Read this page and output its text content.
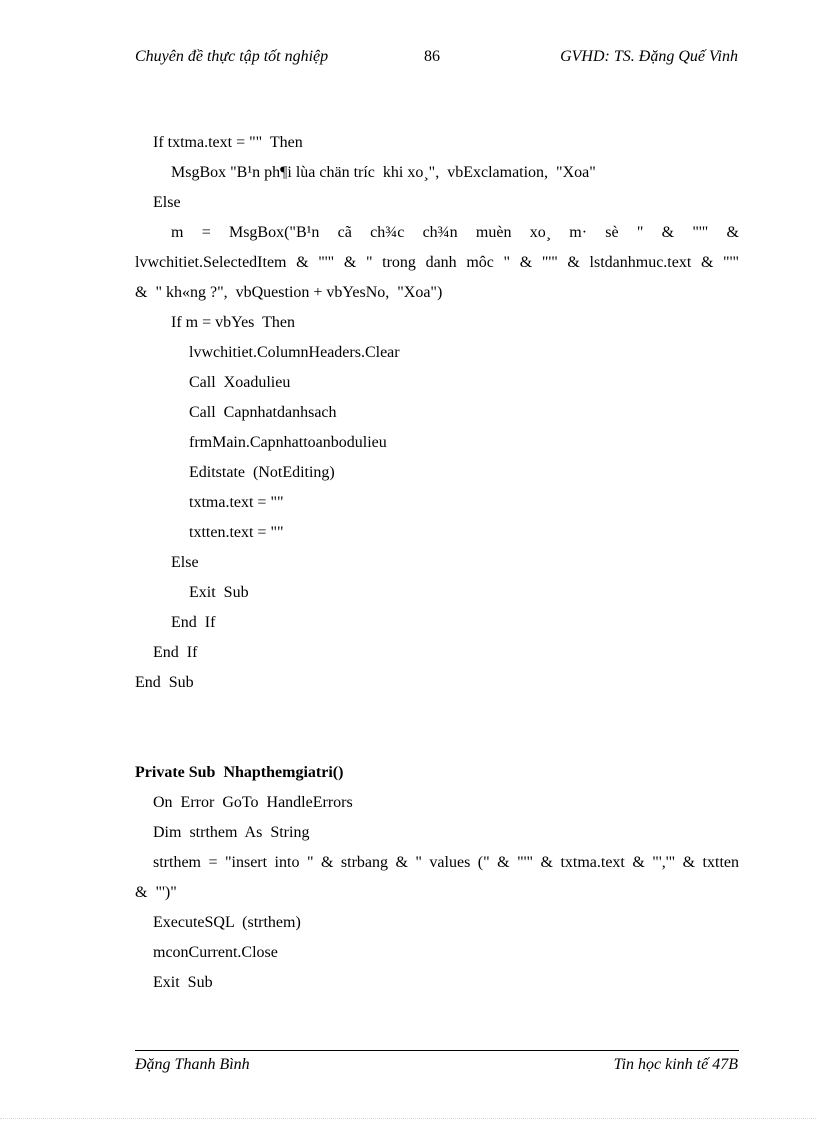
Chuyên đề thực tập tốt nghiệp	86	GVHD: TS. Đặng Quế Vinh
If txtma.text = ""  Then
MsgBox "B¹n ph¶i lùa chän tríc  khi xo¸",  vbExclamation,  "Xoa"
Else
m = MsgBox("B¹n cã ch¾c ch¾n muèn xo¸ m· sè " & "'" &
lvwchitiet.SelectedItem & "'" & " trong danh môc " & "'" & lstdanhmuc.text & "'"
&  " kh«ng ?",  vbQuestion + vbYesNo,  "Xoa")
If m = vbYes  Then
lvwchitiet.ColumnHeaders.Clear
Call  Xoadulieu
Call  Capnhatdanhsach
frmMain.Capnhattoanbodulieu
Editstate  (NotEditing)
txtma.text = ""
txtten.text = ""
Else
Exit  Sub
End  If
End  If
End  Sub
Private Sub  Nhapthemgiatri()
On  Error  GoTo  HandleErrors
Dim  strthem  As  String
strthem = "insert into " & strbang & " values (" & "'" & txtma.text & "','" & txtten
&  "')"
ExecuteSQL  (strthem)
mconCurrent.Close
Exit  Sub
Đặng Thanh Bình	Tin học kinh tế 47B
